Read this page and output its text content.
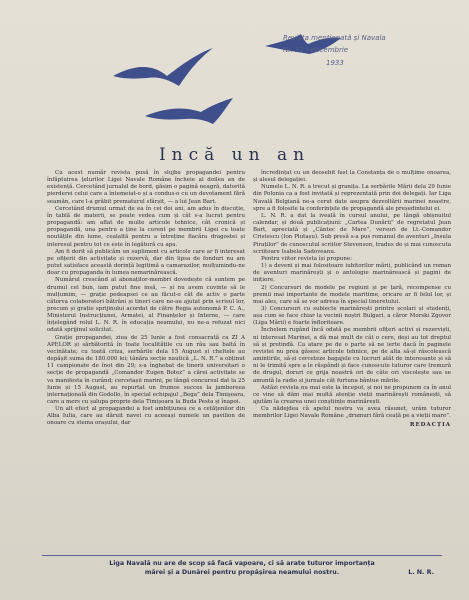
Revista menționată și Navala
Nr. 12 - decembrie
1933
Incă un an

Cu acest număr revista pusă în slujba propagandei pentru înfăptuirea țelurilor Ligei Navale Române încheie al doilea an de existență. Cercetând jurnalul de bord, găsim o pagină neagră, datorită pierderei celui care a întemeiat-o și a condus-o cu un devotament fără seamăn, care l-a grăbit prematurul sfârșit, — a lui Jean Bart.

Cercetând drumul urmat de ea în cei doi ani, am adus în discuție, în tablă de materii, se poate vedea cum și cât s-a lucrat pentru propagandă: am aflat de multe articole tehnice, cât cronică și propagandă, una pentru a ține la curent pe membrii Ligei cu toate noutățile din lume, cealaltă pentru a întreține flacăra dragostei și interesul pentru tot ce este în legătură cu apa.

Am fi dorit să publicăm un supliment cu articole care ar fi interesat pe ofițerii din activitate și rezervă, dar din lipsa de fonduri nu am putut satisface această dorință legitimă a camarazilor, mulțumindu-ne doar cu propaganda în lumea nemarinărească.

Numărul crescând al abonaților-membri dovedește că suntem pe drumul cel bun, iam putut fine insă, — și nu avem cuvinte să le mulțumim, — grație pedeapsei ce au făcut-o cât de activ o parte câtorva colaboratori bătrâni și tineri care ne-au ajutat prin scrisul lor, precum și grație sprijinului acordat de către Regia autonomă P. C. A., Ministerul Instrucțiunei, Armatei, al Finanțelor și Interne, — care înțelegând rolul L. N. R. în educația neamului, nu ne-a refuzat nici odată sprijinul solicitat.

Grație propagandei, ziua de 25 Iunie a fost consacrată ca ZI A APELOR și sărbătorită în toate localitățile cu un râu sau baltă în vecinătate; cu toată criza, serbările dela 15 August și cheltele au depășit suma de 180.000 lei; tânăra secție nautică „L. N. R.” a obținut 11 campionate de înot din 29; s-a înghebat de tinerii universitari o secție de propagandă „Comandor Eugen Botez” a cărei activitate se va manifesta în curând; cercetașii marini, pe lângă concursul dat la 25 Iunie și 15 August, au repurtat un frumos succes la jamboreea internațională din Godollo, în special echipajul „Bega” dela Timișoara, care a mers cu șalupa proprie dela Timișoara la Buda Pesta și înapoi.

Un alt efect al propagandei a fost ambițiunea ce a cetățenilor din Alba Iulia, care au dăruit navei cu aceeași numele un pavilion de onoare cu stema orașului, dar

încredințat cu un deosebit fast la Constanța de o mulțime onoarea, și alesul delegației.

Numele L. N. R. a trecut și granița. La serbările Mării dela 29 Iunie din Polonia ca a fost invitată și reprezentată prin doi delegați. Iar Liga Navală Belgiană ne-a cerut date asupra dezvoltării marinei noastre, spre a fi folosite la conferințele de propagandă ale președintelui ei.

L. N. R. a dat la iveală în cursul anului, pe lângă obișnuitul calendar, și două publicațiuni: „Cartea Dunării” de regretatul Jean Bart, apreciată și „Cântec de Mare”, versuri de Lt.-Comandor Cristescu (Ion Plutașu). Sub presă s-a pus romanul de aventuri „Insula Piraților” de cunoscutul scriitor Stevenson, tradus de și mai cunoscuta scriitoare Isabela Sadoveanu.

Pentru viitor revista își propune:

1) a deveni și mai folositoare iubitorilor mării, publicând un roman de aventuri marinărești și o antologie marinărească și pagini de inițiere.

2) Concursuri de modele pe regiuni și pe țară, recompense cu premii mai importante de modele maritime, oricare ar fi felul lor, și mai ales, care să se vor adresa în special tineretului.

3) Concursuri cu subiecte marinărești printre școlari și studenți, așa cum se face chiar la vecinii noștri Bulgari, a căror Morski Zgovor (Liga Mării) e foarte înfloritoare.

Închelem rugând încă odată pe membrii ofițeri activi și rezerviști, ni interesat Marinei, a dă mai mult de cât o cere, deși au tot dreptul să și pretindă. Ca atare pe de o parte să ne ierte dacă în paginele revistei nu prea găsesc articole tehnice, pe de alta să-și răscolească amintirile, să-și cerceteze bagajele cu lucruri atât de interesante și să ni le trimită spre a le răspândi și face cunoscute tuturor care tremură de drugul, doruri ce grija noastră ori de câte ori viscolește sau se amuntă la radio și jurnale cât furtuna bântue mările.

Astăzi revista nu mai este la început, și noi ne propunem ca în anul ce vine să dăm mai multă atenție vieții marinărești românești, să ajutăm la crearea unei conștiințe marinărești.

Cu nădejdea că apelul nostru va avea răsunet, urăm tuturor membrilor Ligei Navale Române „drumuri fără ceață pe a vieții mare”.

REDACȚIA
Liga Navală nu are de scop să facă vapoare, ci să arate tuturor importanța
mărei și a Dunărei pentru propășirea neamului nostru.	L. N. R.
